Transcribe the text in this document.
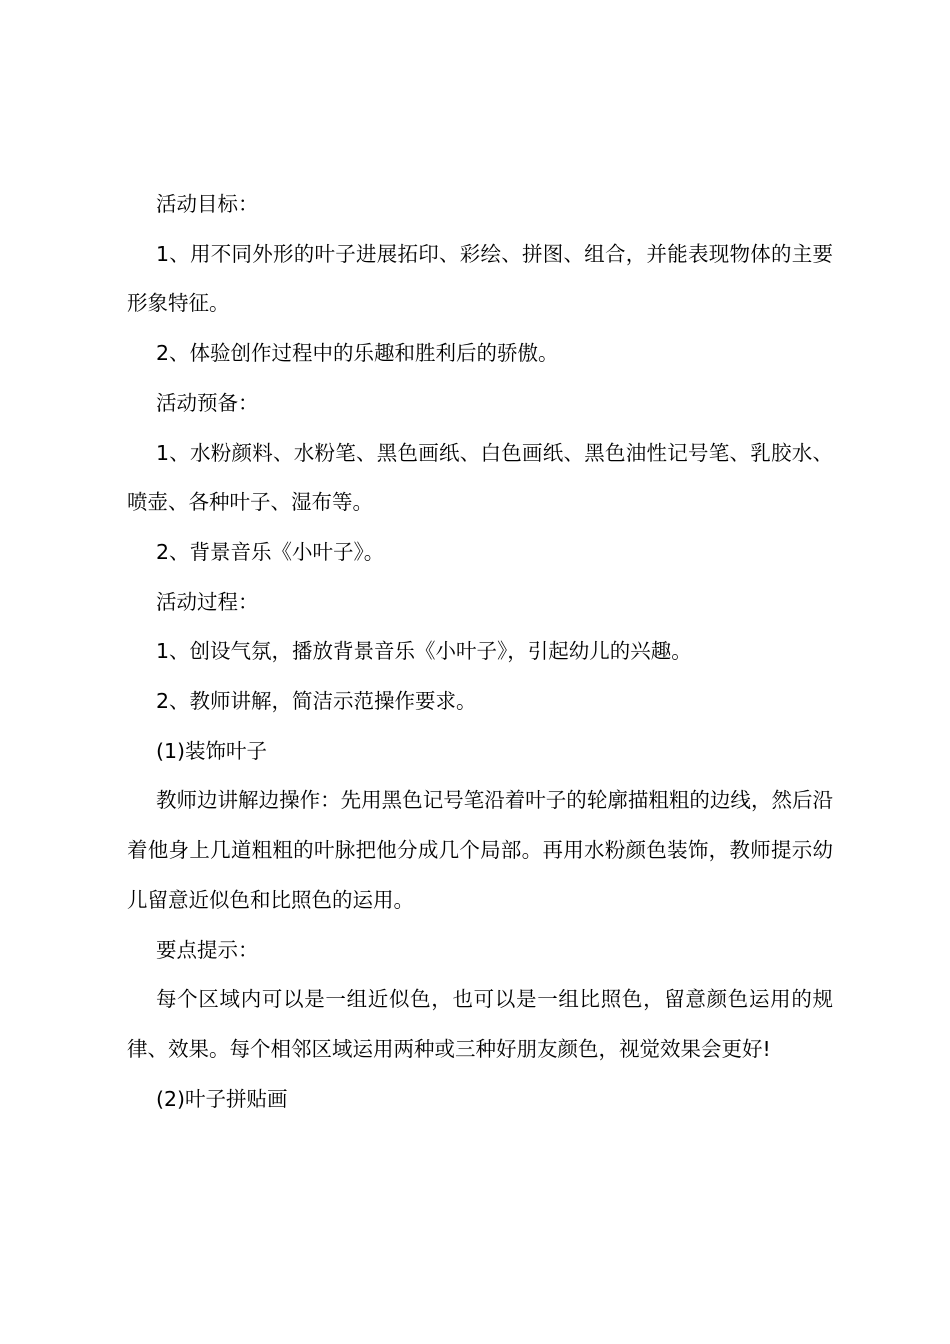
活动目标：

1、用不同外形的叶子进展拓印、彩绘、拼图、组合，并能表现物体的主要形象特征。

2、体验创作过程中的乐趣和胜利后的骄傲。

活动预备：

1、水粉颜料、水粉笔、黑色画纸、白色画纸、黑色油性记号笔、乳胶水、喷壶、各种叶子、湿布等。

2、背景音乐《小叶子》。

活动过程：

1、创设气氛，播放背景音乐《小叶子》，引起幼儿的兴趣。

2、教师讲解，简洁示范操作要求。

(1)装饰叶子

教师边讲解边操作：先用黑色记号笔沿着叶子的轮廓描粗粗的边线，然后沿着他身上几道粗粗的叶脉把他分成几个局部。再用水粉颜色装饰，教师提示幼儿留意近似色和比照色的运用。

要点提示：

每个区域内可以是一组近似色，也可以是一组比照色，留意颜色运用的规律、效果。每个相邻区域运用两种或三种好朋友颜色，视觉效果会更好!

(2)叶子拼贴画
